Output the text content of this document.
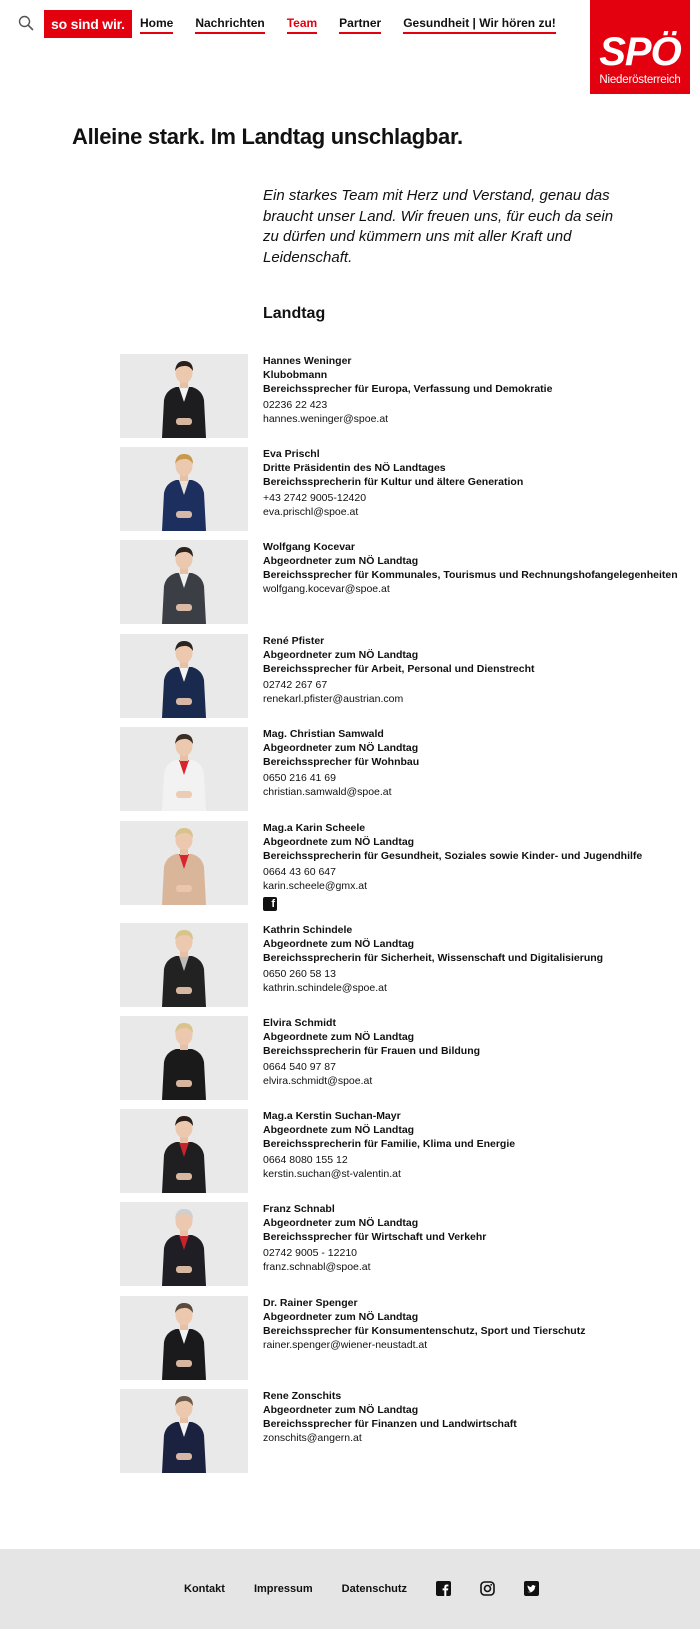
so sind wir.	Home Nachrichten Team Partner Gesundheit | Wir hören zu!
SPÖ
Niederösterreich
Alleine stark. Im Landtag unschlagbar.

Ein starkes Team mit Herz und Verstand, genau das braucht unser Land. Wir freuen uns, für euch da sein zu dürfen und kümmern uns mit aller Kraft und Leidenschaft.

Landtag
Hannes Weninger
Klubobmann
Bereichssprecher für Europa, Verfassung und Demokratie
02236 22 423
hannes.weninger@spoe.at
Eva Prischl
Dritte Präsidentin des NÖ Landtages
Bereichssprecherin für Kultur und ältere Generation
+43 2742 9005-12420
eva.prischl@spoe.at
Wolfgang Kocevar
Abgeordneter zum NÖ Landtag
Bereichssprecher für Kommunales, Tourismus und Rechnungshofangelegenheiten
wolfgang.kocevar@spoe.at
René Pfister
Abgeordneter zum NÖ Landtag
Bereichssprecher für Arbeit, Personal und Dienstrecht
02742 267 67
renekarl.pfister@austrian.com
Mag. Christian Samwald
Abgeordneter zum NÖ Landtag
Bereichssprecher für Wohnbau
0650 216 41 69
christian.samwald@spoe.at
Mag.a Karin Scheele
Abgeordnete zum NÖ Landtag
Bereichssprecherin für Gesundheit, Soziales sowie Kinder- und Jugendhilfe
0664 43 60 647
karin.scheele@gmx.at
f
Kathrin Schindele
Abgeordnete zum NÖ Landtag
Bereichssprecherin für Sicherheit, Wissenschaft und Digitalisierung
0650 260 58 13
kathrin.schindele@spoe.at
Elvira Schmidt
Abgeordnete zum NÖ Landtag
Bereichssprecherin für Frauen und Bildung
0664 540 97 87
elvira.schmidt@spoe.at
Mag.a Kerstin Suchan-Mayr
Abgeordnete zum NÖ Landtag
Bereichssprecherin für Familie, Klima und Energie
0664 8080 155 12
kerstin.suchan@st-valentin.at
Franz Schnabl
Abgeordneter zum NÖ Landtag
Bereichssprecher für Wirtschaft und Verkehr
02742 9005 - 12210
franz.schnabl@spoe.at
Dr. Rainer Spenger
Abgeordneter zum NÖ Landtag
Bereichssprecher für Konsumentenschutz, Sport und Tierschutz
rainer.spenger@wiener-neustadt.at
Rene Zonschits
Abgeordneter zum NÖ Landtag
Bereichssprecher für Finanzen und Landwirtschaft
zonschits@angern.at
Kontakt	Impressum	Datenschutz
